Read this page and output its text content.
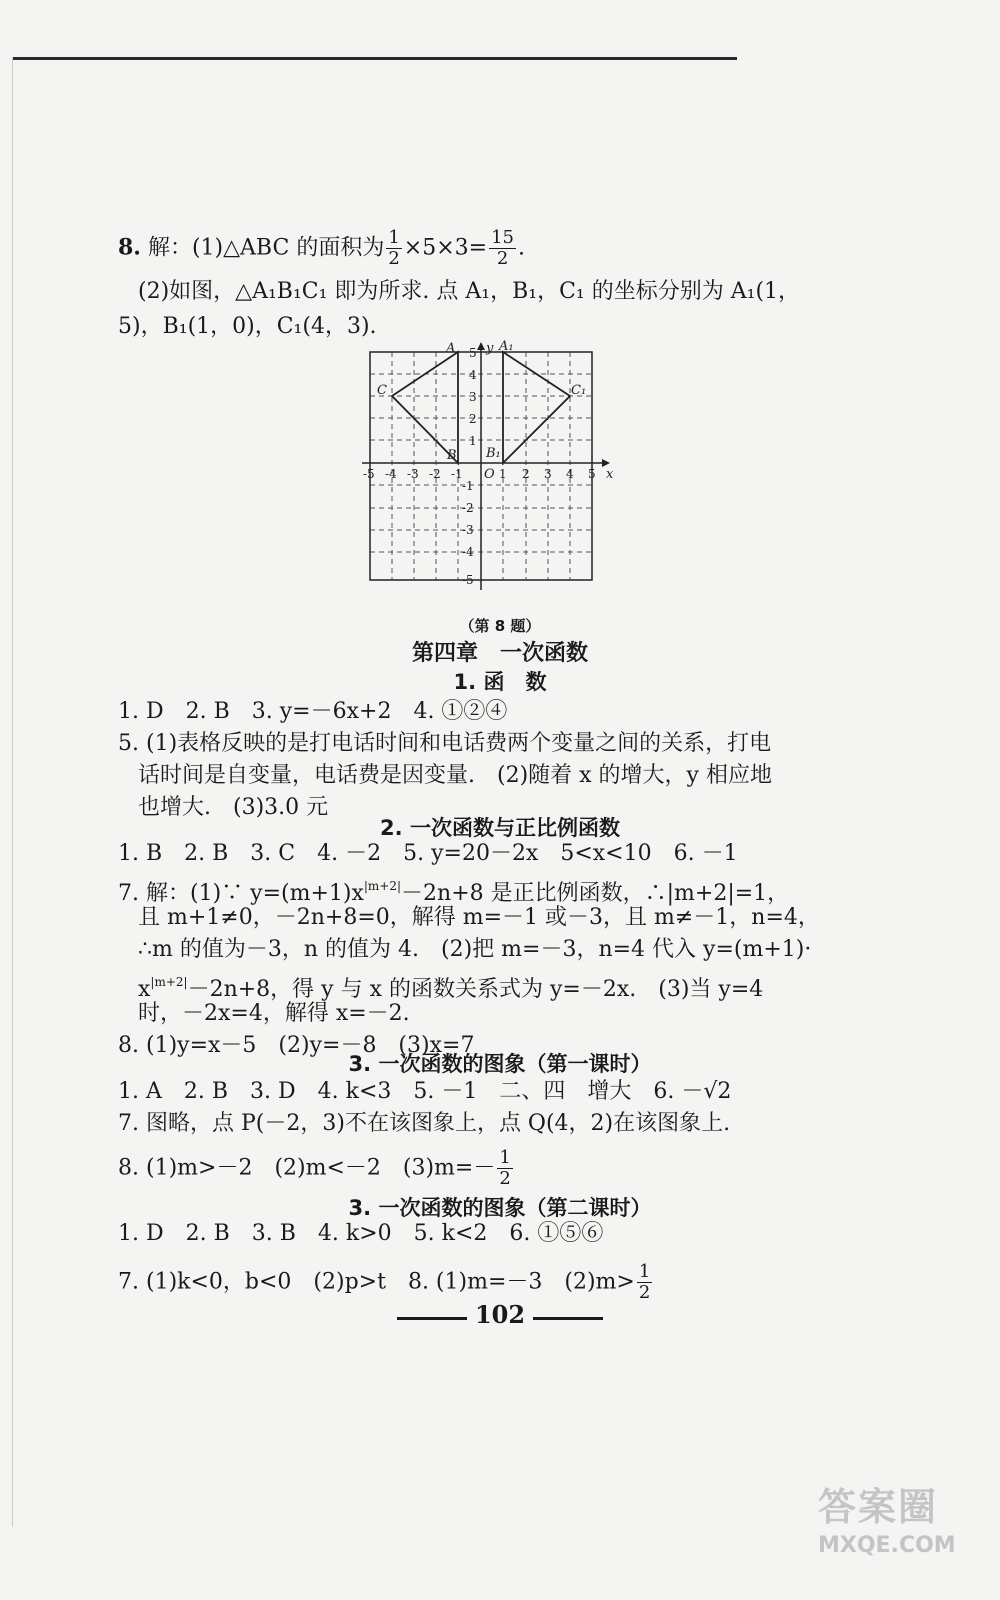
8. 解：(1)△ABC 的面积为 $\frac{1}{2} \times 5\times 3= \frac{15}{2}$ .
(2)如图，△A₁B₁C₁ 即为所求. 点 A₁，B₁，C₁ 的坐标分别为 A₁(1，
5)，B₁(1，0)，C₁(4，3).
y
x
O
A
C
B
A₁
C₁
B₁
-5 -4 -3 -2 -1	1 2 3 4 5
1
2
3
4
5
-1
-2
-3
-4
-5
（第 8 题）
第四章　一次函数
1. 函　数
1. D　2. B　3. y=－6x+2　4. ①②④
5. (1)表格反映的是打电话时间和电话费两个变量之间的关系，打电
话时间是自变量，电话费是因变量.　(2)随着 x 的增大，y 相应地
也增大.　(3)3.0 元
2. 一次函数与正比例函数
1. B　2. B　3. C　4. －2　5. y=20－2x　5<x<10　6. －1
7. 解：(1)∵ $y=(m+1)x^{|m+2|}-2n+8$ 是正比例函数，∴|m+2|=1，
且 m+1≠0，－2n+8=0，解得 m=－1 或－3，且 m≠－1，n=4，
∴m 的值为－3，n 的值为 4.　(2)把 m=－3，n=4 代入 y=(m+1)·
$x^{|m+2|}-2n+8$，得 y 与 x 的函数关系式为 y=－2x.　(3)当 y=4
时，－2x=4，解得 x=－2.
8. (1)y=x－5　(2)y=－8　(3)x=7
3. 一次函数的图象（第一课时）
1. A　2. B　3. D　4. k<3　5. －1　二、四　增大　6. －√2
7. 图略，点 P(－2，3)不在该图象上，点 Q(4，2)在该图象上.
8. (1)m>－2　(2)m<－2　$(3)m=- \frac{1}{2}$
3. 一次函数的图象（第二课时）
1. D　2. B　3. B　4. k>0　5. k<2　6. ①⑤⑥
7. (1)k<0，b<0　(2)p>t　8. (1)m=－3　$(2)m> \frac{1}{2}$
102
答案圈
MXQE.COM
